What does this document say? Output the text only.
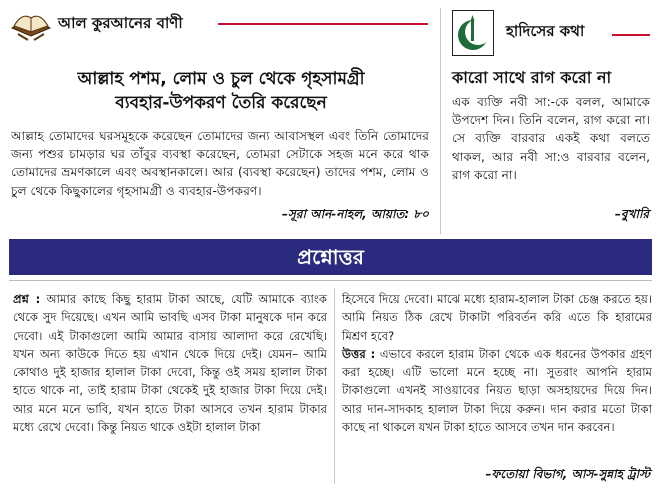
আল কুরআনের বাণী
আল্লাহ পশম, লোম ও চুল থেকে গৃহসামগ্রী
ব্যবহার-উপকরণ তৈরি করেছেন
আল্লাহ তোমাদের ঘরসমূহকে করেছেন তোমাদের জন্য আবাসস্থল এবং তিনি তোমাদের জন্য পশুর চামড়ার ঘর তাঁবুর ব্যবস্থা করেছেন, তোমরা সেটাকে সহজ মনে করে থাক তোমাদের ভ্রমণকালে এবং অবস্থানকালে। আর (ব্যবস্থা করেছেন) তাদের পশম, লোম ও চুল থেকে কিছুকালের গৃহসামগ্রী ও ব্যবহার-উপকরণ।
–সূরা আন-নাহল, আয়াত: ৮০
হাদিসের কথা
কারো সাথে রাগ করো না
এক ব্যক্তি নবী সা:-কে বলল, আমাকে উপদেশ দিন। তিনি বলেন, রাগ করো না। সে ব্যক্তি বারবার একই কথা বলতে থাকল, আর নবী সা:ও বারবার বলেন, রাগ করো না।
–বুখারি
প্রশ্নোত্তর
প্রশ্ন : আমার কাছে কিছু হারাম টাকা আছে, যেটি আমাকে ব্যাংক থেকে সুদ দিয়েছে। এখন আমি ভাবছি এসব টাকা মানুষকে দান করে দেবো। এই টাকাগুলো আমি আমার বাসায় আলাদা করে রেখেছি। যখন অন্য কাউকে দিতে হয় এখান থেকে দিয়ে দেই। যেমন– আমি কোথাও দুই হাজার হালাল টাকা দেবো, কিন্তু ওই সময় হালাল টাকা হাতে থাকে না, তাই হারাম টাকা থেকেই দুই হাজার টাকা দিয়ে দেই। আর মনে মনে ভাবি, যখন হাতে টাকা আসবে তখন হারাম টাকার মধ্যে রেখে দেবো। কিন্তু নিয়ত থাকে ওইটা হালাল টাকা
হিসেবে দিয়ে দেবো। মাঝে মধ্যে হারাম-হালাল টাকা চেঞ্জ করতে হয়। আমি নিয়ত ঠিক রেখে টাকাটা পরিবর্তন করি এতে কি হারামের মিশ্রণ হবে?
উত্তর : এভাবে করলে হারাম টাকা থেকে এক ধরনের উপকার গ্রহণ করা হচ্ছে। এটি ভালো মনে হচ্ছে না। সুতরাং আপনি হারাম টাকাগুলো এখনই সাওয়াবের নিয়ত ছাড়া অসহায়দের দিয়ে দিন। আর দান-সাদকাহ হালাল টাকা দিয়ে করুন। দান করার মতো টাকা কাছে না থাকলে যখন টাকা হাতে আসবে তখন দান করবেন।
–ফতোয়া বিভাগ, আস-সুন্নাহ ট্রাস্ট
